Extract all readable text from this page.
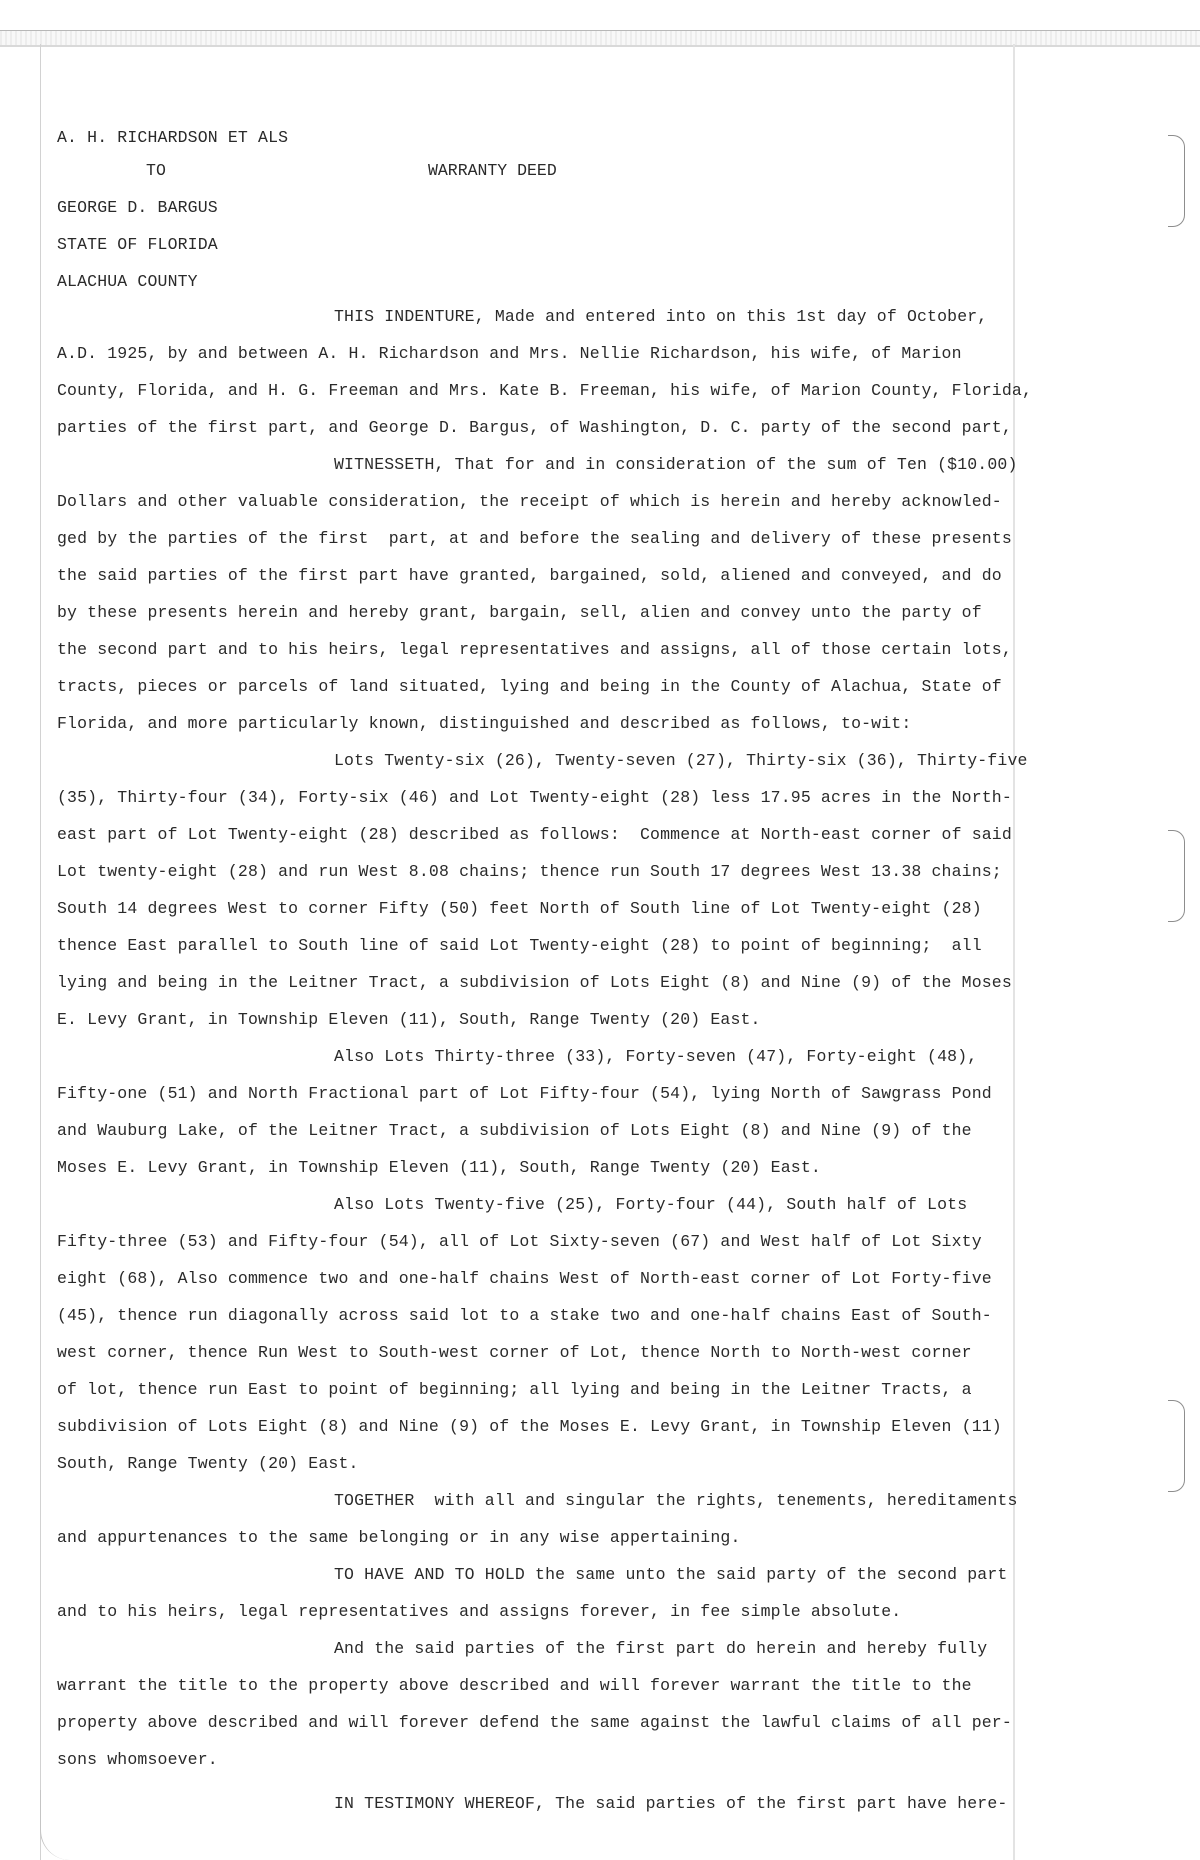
A. H. RICHARDSON ET ALS
TO	WARRANTY DEED
GEORGE D. BARGUS
STATE OF FLORIDA
ALACHUA COUNTY
THIS INDENTURE, Made and entered into on this 1st day of October,
A.D. 1925, by and between A. H. Richardson and Mrs. Nellie Richardson, his wife, of Marion
County, Florida, and H. G. Freeman and Mrs. Kate B. Freeman, his wife, of Marion County, Florida,
parties of the first part, and George D. Bargus, of Washington, D. C. party of the second part,
WITNESSETH, That for and in consideration of the sum of Ten ($10.00)
Dollars and other valuable consideration, the receipt of which is herein and hereby acknowled-
ged by the parties of the first  part, at and before the sealing and delivery of these presents
the said parties of the first part have granted, bargained, sold, aliened and conveyed, and do
by these presents herein and hereby grant, bargain, sell, alien and convey unto the party of
the second part and to his heirs, legal representatives and assigns, all of those certain lots,
tracts, pieces or parcels of land situated, lying and being in the County of Alachua, State of
Florida, and more particularly known, distinguished and described as follows, to-wit:
Lots Twenty-six (26), Twenty-seven (27), Thirty-six (36), Thirty-five
(35), Thirty-four (34), Forty-six (46) and Lot Twenty-eight (28) less 17.95 acres in the North-
east part of Lot Twenty-eight (28) described as follows:  Commence at North-east corner of said
Lot twenty-eight (28) and run West 8.08 chains; thence run South 17 degrees West 13.38 chains;
South 14 degrees West to corner Fifty (50) feet North of South line of Lot Twenty-eight (28)
thence East parallel to South line of said Lot Twenty-eight (28) to point of beginning;  all
lying and being in the Leitner Tract, a subdivision of Lots Eight (8) and Nine (9) of the Moses
E. Levy Grant, in Township Eleven (11), South, Range Twenty (20) East.
Also Lots Thirty-three (33), Forty-seven (47), Forty-eight (48),
Fifty-one (51) and North Fractional part of Lot Fifty-four (54), lying North of Sawgrass Pond
and Wauburg Lake, of the Leitner Tract, a subdivision of Lots Eight (8) and Nine (9) of the
Moses E. Levy Grant, in Township Eleven (11), South, Range Twenty (20) East.
Also Lots Twenty-five (25), Forty-four (44), South half of Lots
Fifty-three (53) and Fifty-four (54), all of Lot Sixty-seven (67) and West half of Lot Sixty
eight (68), Also commence two and one-half chains West of North-east corner of Lot Forty-five
(45), thence run diagonally across said lot to a stake two and one-half chains East of South-
west corner, thence Run West to South-west corner of Lot, thence North to North-west corner
of lot, thence run East to point of beginning; all lying and being in the Leitner Tracts, a
subdivision of Lots Eight (8) and Nine (9) of the Moses E. Levy Grant, in Township Eleven (11)
South, Range Twenty (20) East.
TOGETHER  with all and singular the rights, tenements, hereditaments
and appurtenances to the same belonging or in any wise appertaining.
TO HAVE AND TO HOLD the same unto the said party of the second part
and to his heirs, legal representatives and assigns forever, in fee simple absolute.
And the said parties of the first part do herein and hereby fully
warrant the title to the property above described and will forever warrant the title to the
property above described and will forever defend the same against the lawful claims of all per-
sons whomsoever.
IN TESTIMONY WHEREOF, The said parties of the first part have here-
